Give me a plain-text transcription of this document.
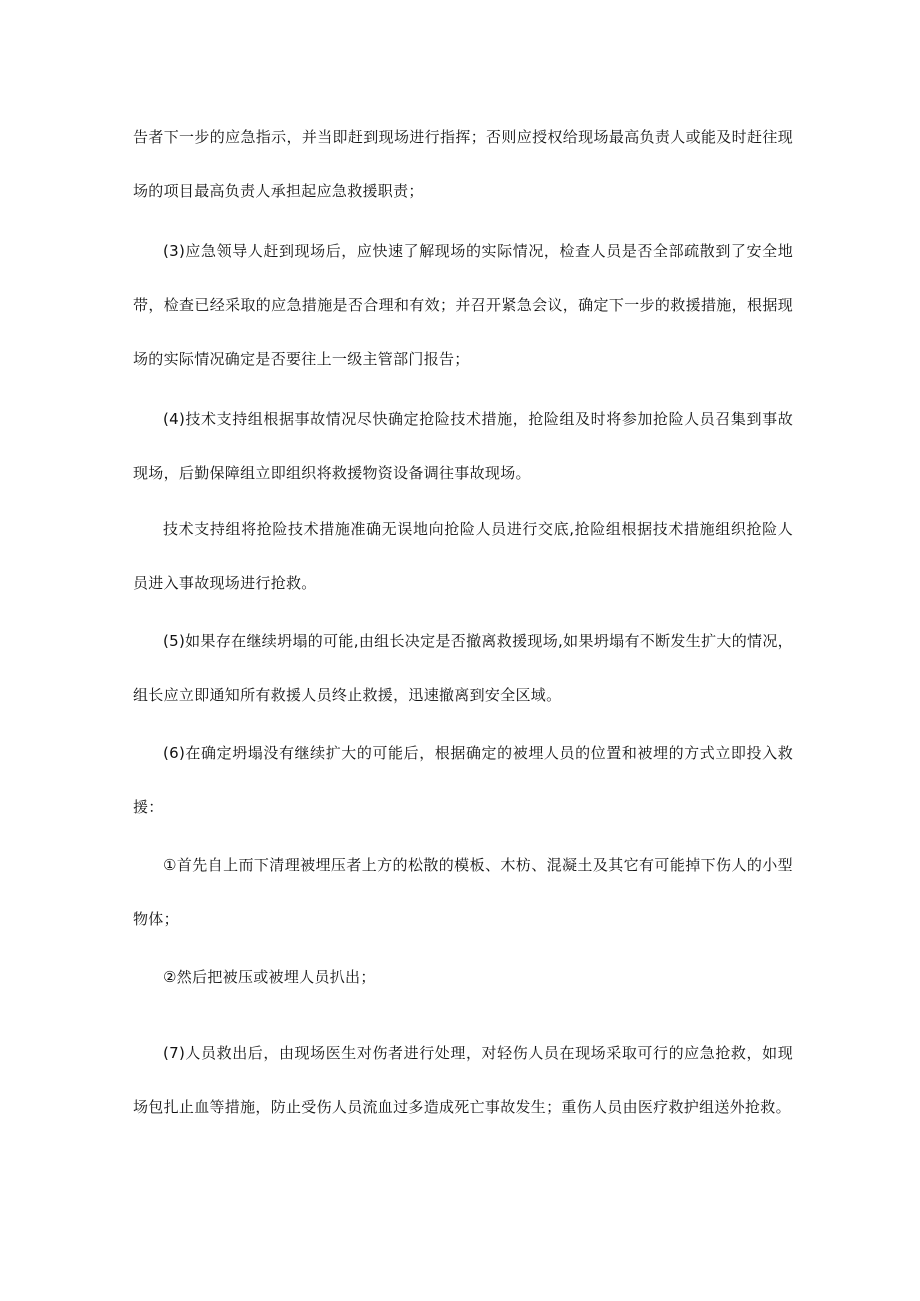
告者下一步的应急指示，并当即赶到现场进行指挥；否则应授权给现场最高负责人或能及时赶往现场的项目最高负责人承担起应急救援职责；

(3)应急领导人赶到现场后，应快速了解现场的实际情况，检查人员是否全部疏散到了安全地带，检查已经采取的应急措施是否合理和有效；并召开紧急会议，确定下一步的救援措施，根据现场的实际情况确定是否要往上一级主管部门报告；

(4)技术支持组根据事故情况尽快确定抢险技术措施，抢险组及时将参加抢险人员召集到事故现场，后勤保障组立即组织将救援物资设备调往事故现场。

技术支持组将抢险技术措施准确无误地向抢险人员进行交底,抢险组根据技术措施组织抢险人员进入事故现场进行抢救。

(5)如果存在继续坍塌的可能,由组长决定是否撤离救援现场,如果坍塌有不断发生扩大的情况，组长应立即通知所有救援人员终止救援，迅速撤离到安全区域。

(6)在确定坍塌没有继续扩大的可能后，根据确定的被埋人员的位置和被埋的方式立即投入救援：

①首先自上而下清理被埋压者上方的松散的模板、木枋、混凝土及其它有可能掉下伤人的小型物体；

②然后把被压或被埋人员扒出；

(7)人员救出后，由现场医生对伤者进行处理，对轻伤人员在现场采取可行的应急抢救，如现场包扎止血等措施，防止受伤人员流血过多造成死亡事故发生；重伤人员由医疗救护组送外抢救。
